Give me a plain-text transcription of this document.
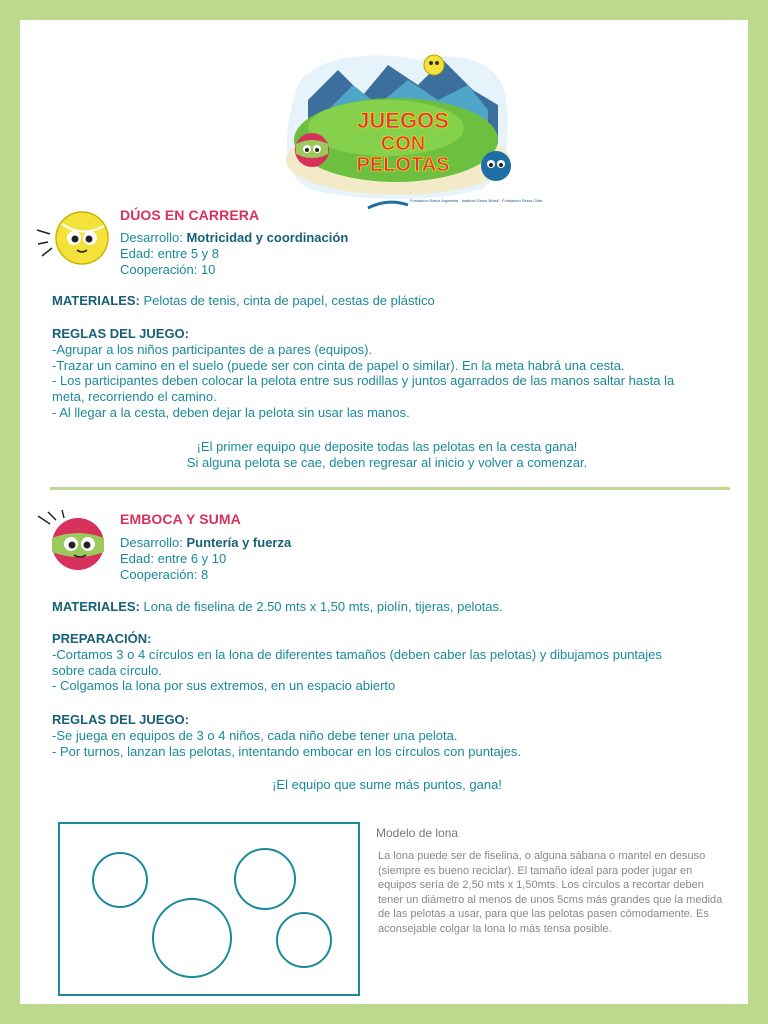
JUEGOS
CON
PELOTAS
Fundación Sesor Argentina · Instituto Sesor Brasil · Fundación Sesor Chile
DÚOS EN CARRERA
Desarrollo: Motricidad y coordinación
Edad: entre 5 y 8
Cooperación: 10
MATERIALES: Pelotas de tenis, cinta de papel, cestas de plástico
REGLAS DEL JUEGO:
-Agrupar a los niños participantes de a pares (equipos).
-Trazar un camino en el suelo (puede ser con cinta de papel o similar). En la meta habrá una cesta.
- Los participantes deben colocar la pelota entre sus rodillas y juntos agarrados de las manos saltar hasta la
meta, recorriendo el camino.
- Al llegar a la cesta, deben dejar la pelota sin usar las manos.
¡El primer equipo que deposite todas las pelotas en la cesta gana!
Si alguna pelota se cae, deben regresar al inicio y volver a comenzar.
EMBOCA Y SUMA
Desarrollo: Puntería y fuerza
Edad: entre 6 y 10
Cooperación: 8
MATERIALES: Lona de fiselina de 2.50 mts x 1,50 mts, piolín, tijeras, pelotas.
PREPARACIÓN:
-Cortamos 3 o 4 círculos en la lona de diferentes tamaños (deben caber las pelotas) y dibujamos puntajes
sobre cada círculo.
- Colgamos la lona por sus extremos, en un espacio abierto
REGLAS DEL JUEGO:
-Se juega en equipos de 3 o 4 niños, cada niño debe tener una pelota.
- Por turnos, lanzan las pelotas, intentando embocar en los círculos con puntajes.
¡El equipo que sume más puntos, gana!
Modelo de lona
La lona puede ser de fiselina, o alguna sábana o mantel en desuso (siempre es bueno reciclar). El tamaño ideal para poder jugar en equipos sería de 2,50 mts x 1,50mts. Los círculos a recortar deben tener un diámetro al menos de unos 5cms más grandes que la medida de las pelotas a usar, para que las pelotas pasen cómodamente. Es aconsejable colgar la lona lo más tensa posible.
